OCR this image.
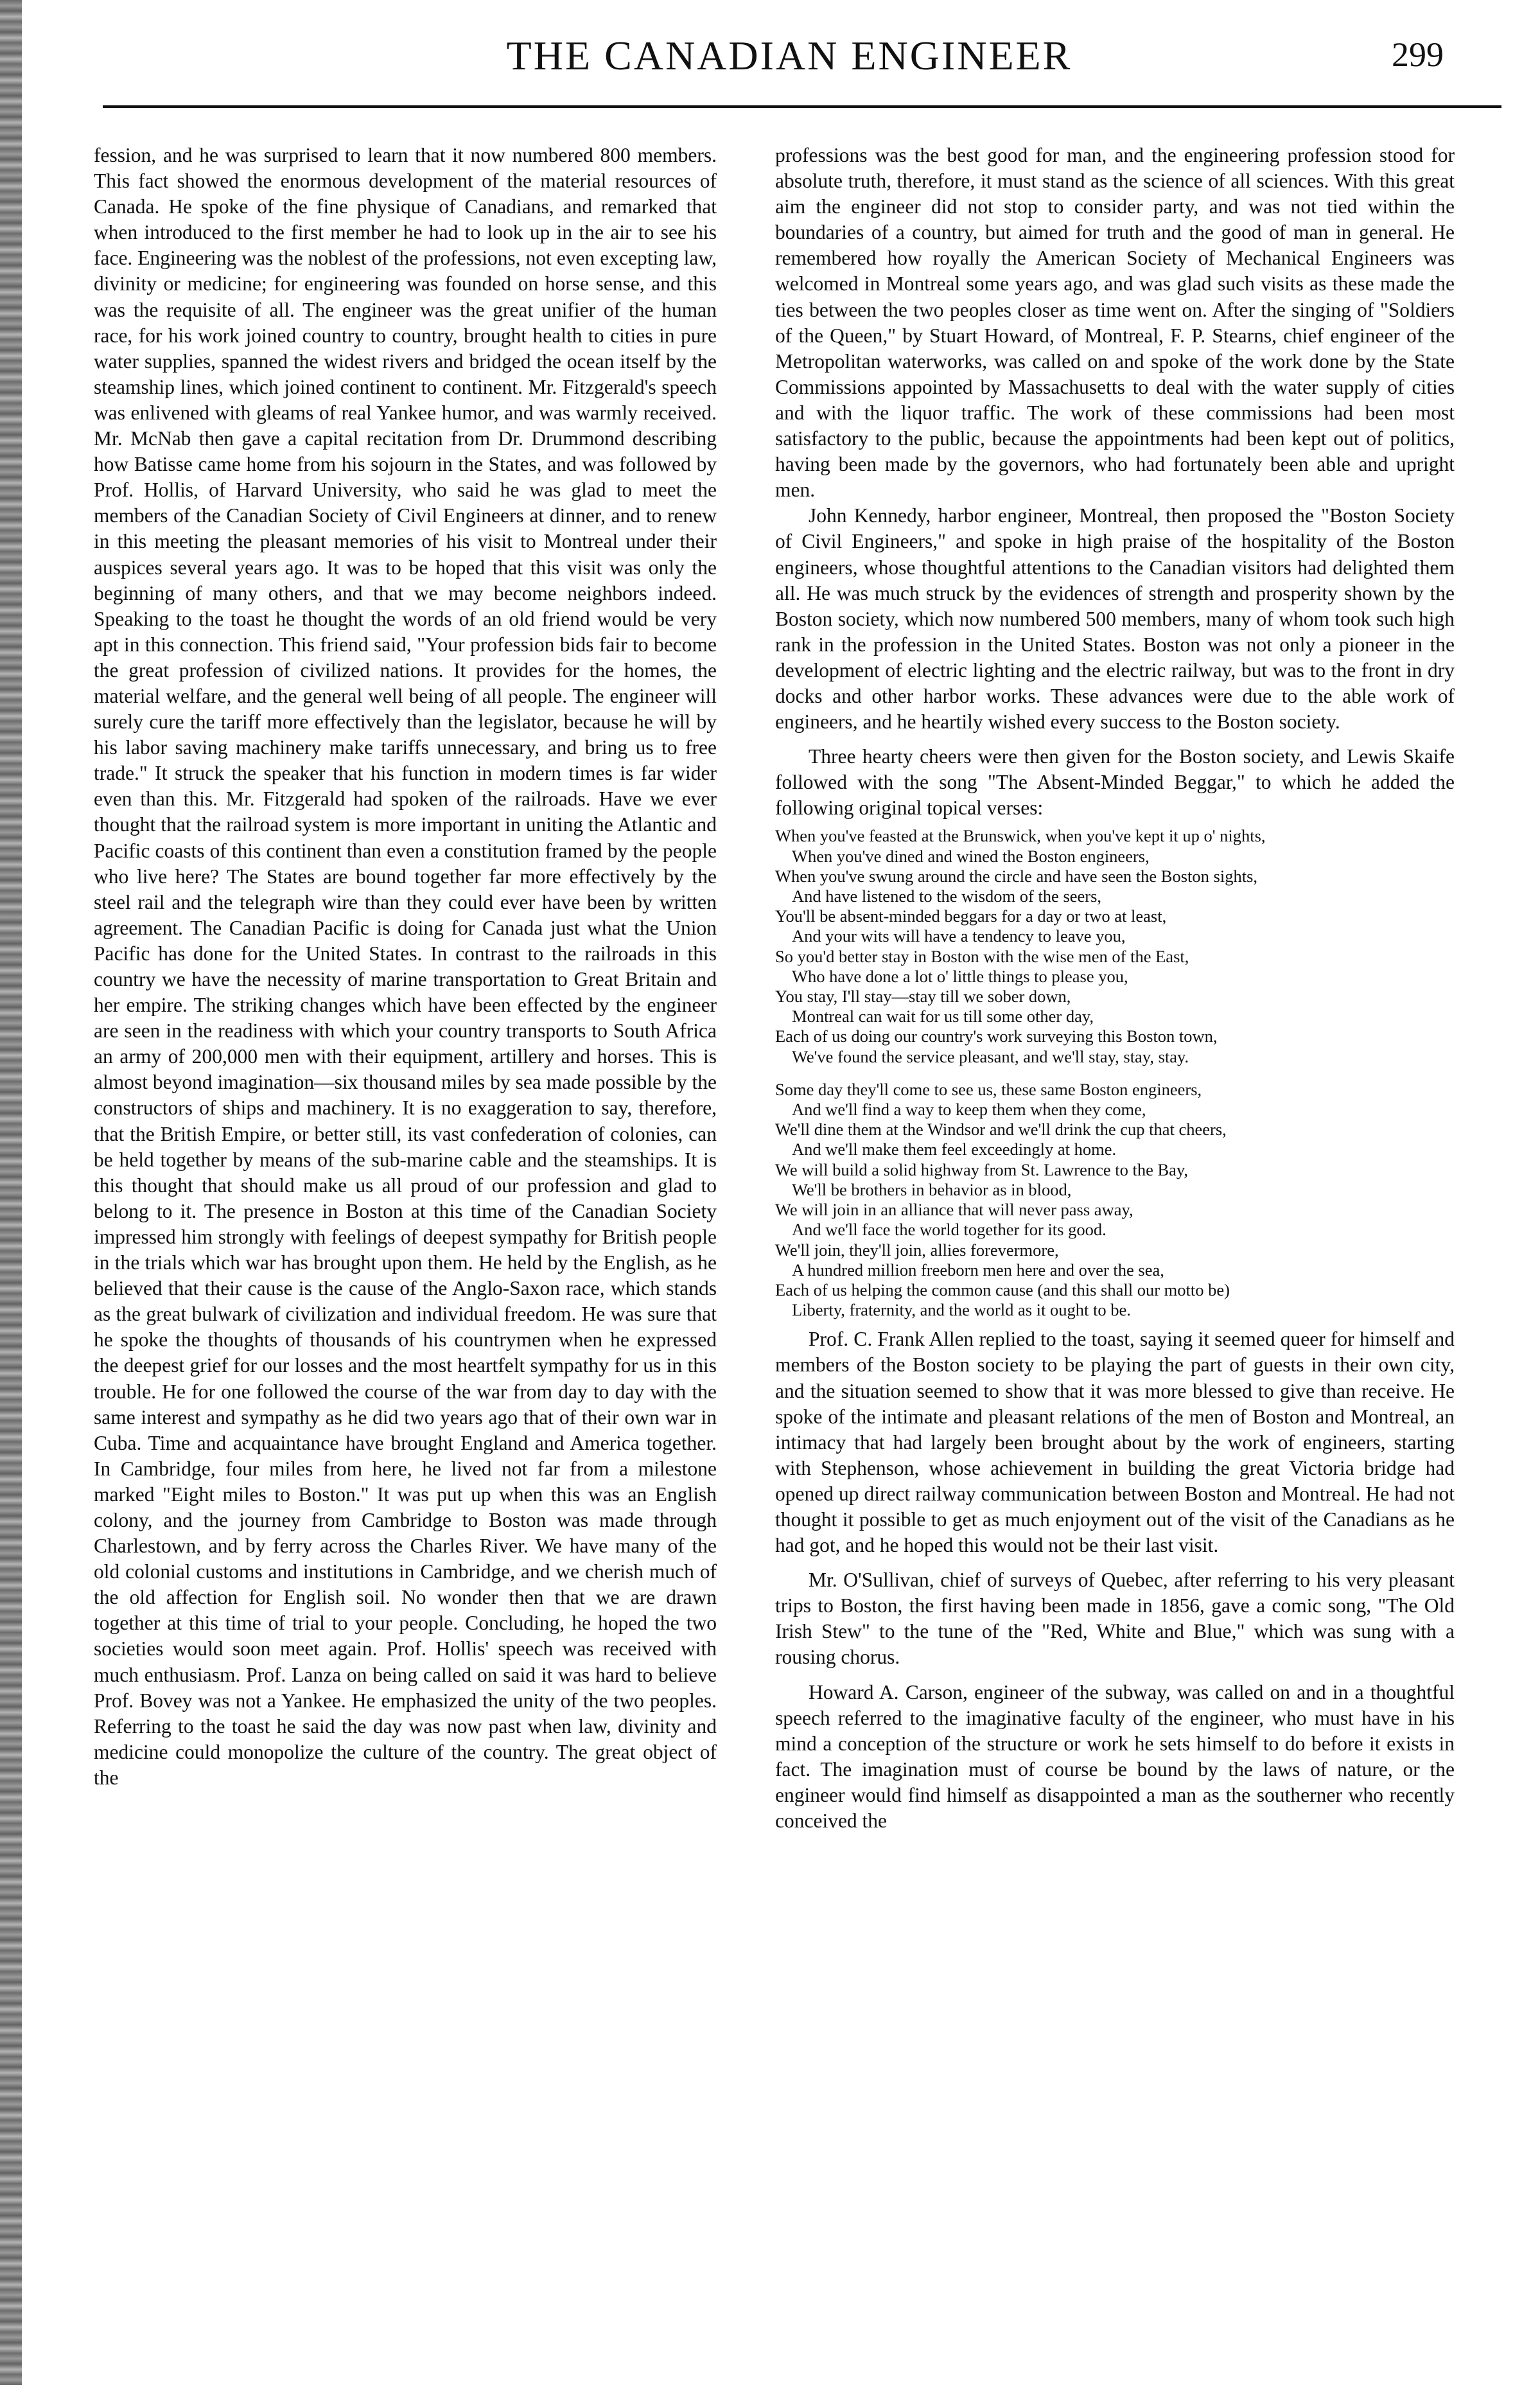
THE CANADIAN ENGINEER	299

fession, and he was surprised to learn that it now numbered 800 members. This fact showed the enormous development of the material resources of Canada. He spoke of the fine physique of Canadians, and remarked that when introduced to the first member he had to look up in the air to see his face. Engineering was the noblest of the professions, not even excepting law, divinity or medicine; for engineering was founded on horse sense, and this was the requisite of all. The engineer was the great unifier of the human race, for his work joined country to country, brought health to cities in pure water supplies, spanned the widest rivers and bridged the ocean itself by the steamship lines, which joined continent to continent. Mr. Fitzgerald's speech was enlivened with gleams of real Yankee humor, and was warmly received. Mr. McNab then gave a capital recitation from Dr. Drummond describing how Batisse came home from his sojourn in the States, and was followed by Prof. Hollis, of Harvard University, who said he was glad to meet the members of the Canadian Society of Civil Engineers at dinner, and to renew in this meeting the pleasant memories of his visit to Montreal under their auspices several years ago. It was to be hoped that this visit was only the beginning of many others, and that we may become neighbors indeed. Speaking to the toast he thought the words of an old friend would be very apt in this connection. This friend said, "Your profession bids fair to become the great profession of civilized nations. It provides for the homes, the material welfare, and the general well being of all people. The engineer will surely cure the tariff more effectively than the legislator, because he will by his labor saving machinery make tariffs unnecessary, and bring us to free trade." It struck the speaker that his function in modern times is far wider even than this. Mr. Fitzgerald had spoken of the railroads. Have we ever thought that the railroad system is more important in uniting the Atlantic and Pacific coasts of this continent than even a constitution framed by the people who live here? The States are bound together far more effectively by the steel rail and the telegraph wire than they could ever have been by written agreement. The Canadian Pacific is doing for Canada just what the Union Pacific has done for the United States. In contrast to the railroads in this country we have the necessity of marine transportation to Great Britain and her empire. The striking changes which have been effected by the engineer are seen in the readiness with which your country transports to South Africa an army of 200,000 men with their equipment, artillery and horses. This is almost beyond imagination—six thousand miles by sea made possible by the constructors of ships and machinery. It is no exaggeration to say, therefore, that the British Empire, or better still, its vast confederation of colonies, can be held together by means of the sub-marine cable and the steamships. It is this thought that should make us all proud of our profession and glad to belong to it. The presence in Boston at this time of the Canadian Society impressed him strongly with feelings of deepest sympathy for British people in the trials which war has brought upon them. He held by the English, as he believed that their cause is the cause of the Anglo-Saxon race, which stands as the great bulwark of civilization and individual freedom. He was sure that he spoke the thoughts of thousands of his countrymen when he expressed the deepest grief for our losses and the most heartfelt sympathy for us in this trouble. He for one followed the course of the war from day to day with the same interest and sympathy as he did two years ago that of their own war in Cuba. Time and acquaintance have brought England and America together. In Cambridge, four miles from here, he lived not far from a milestone marked "Eight miles to Boston." It was put up when this was an English colony, and the journey from Cambridge to Boston was made through Charlestown, and by ferry across the Charles River. We have many of the old colonial customs and institutions in Cambridge, and we cherish much of the old affection for English soil. No wonder then that we are drawn together at this time of trial to your people. Concluding, he hoped the two societies would soon meet again. Prof. Hollis' speech was received with much enthusiasm. Prof. Lanza on being called on said it was hard to believe Prof. Bovey was not a Yankee. He emphasized the unity of the two peoples. Referring to the toast he said the day was now past when law, divinity and medicine could monopolize the culture of the country. The great object of the

professions was the best good for man, and the engineering profession stood for absolute truth, therefore, it must stand as the science of all sciences. With this great aim the engineer did not stop to consider party, and was not tied within the boundaries of a country, but aimed for truth and the good of man in general. He remembered how royally the American Society of Mechanical Engineers was welcomed in Montreal some years ago, and was glad such visits as these made the ties between the two peoples closer as time went on. After the singing of "Soldiers of the Queen," by Stuart Howard, of Montreal, F. P. Stearns, chief engineer of the Metropolitan waterworks, was called on and spoke of the work done by the State Commissions appointed by Massachusetts to deal with the water supply of cities and with the liquor traffic. The work of these commissions had been most satisfactory to the public, because the appointments had been kept out of politics, having been made by the governors, who had fortunately been able and upright men.

John Kennedy, harbor engineer, Montreal, then proposed the "Boston Society of Civil Engineers," and spoke in high praise of the hospitality of the Boston engineers, whose thoughtful attentions to the Canadian visitors had delighted them all. He was much struck by the evidences of strength and prosperity shown by the Boston society, which now numbered 500 members, many of whom took such high rank in the profession in the United States. Boston was not only a pioneer in the development of electric lighting and the electric railway, but was to the front in dry docks and other harbor works. These advances were due to the able work of engineers, and he heartily wished every success to the Boston society.

Three hearty cheers were then given for the Boston society, and Lewis Skaife followed with the song "The Absent-Minded Beggar," to which he added the following original topical verses:

When you've feasted at the Brunswick, when you've kept it up o' nights,
When you've dined and wined the Boston engineers,
When you've swung around the circle and have seen the Boston sights,
And have listened to the wisdom of the seers,
You'll be absent-minded beggars for a day or two at least,
And your wits will have a tendency to leave you,
So you'd better stay in Boston with the wise men of the East,
Who have done a lot o' little things to please you,
You stay, I'll stay—stay till we sober down,
Montreal can wait for us till some other day,
Each of us doing our country's work surveying this Boston town,
We've found the service pleasant, and we'll stay, stay, stay.
Some day they'll come to see us, these same Boston engineers,
And we'll find a way to keep them when they come,
We'll dine them at the Windsor and we'll drink the cup that cheers,
And we'll make them feel exceedingly at home.
We will build a solid highway from St. Lawrence to the Bay,
We'll be brothers in behavior as in blood,
We will join in an alliance that will never pass away,
And we'll face the world together for its good.
We'll join, they'll join, allies forevermore,
A hundred million freeborn men here and over the sea,
Each of us helping the common cause (and this shall our motto be)
Liberty, fraternity, and the world as it ought to be.

Prof. C. Frank Allen replied to the toast, saying it seemed queer for himself and members of the Boston society to be playing the part of guests in their own city, and the situation seemed to show that it was more blessed to give than receive. He spoke of the intimate and pleasant relations of the men of Boston and Montreal, an intimacy that had largely been brought about by the work of engineers, starting with Stephenson, whose achievement in building the great Victoria bridge had opened up direct railway communication between Boston and Montreal. He had not thought it possible to get as much enjoyment out of the visit of the Canadians as he had got, and he hoped this would not be their last visit.

Mr. O'Sullivan, chief of surveys of Quebec, after referring to his very pleasant trips to Boston, the first having been made in 1856, gave a comic song, "The Old Irish Stew" to the tune of the "Red, White and Blue," which was sung with a rousing chorus.

Howard A. Carson, engineer of the subway, was called on and in a thoughtful speech referred to the imaginative faculty of the engineer, who must have in his mind a conception of the structure or work he sets himself to do before it exists in fact. The imagination must of course be bound by the laws of nature, or the engineer would find himself as disappointed a man as the southerner who recently conceived the
